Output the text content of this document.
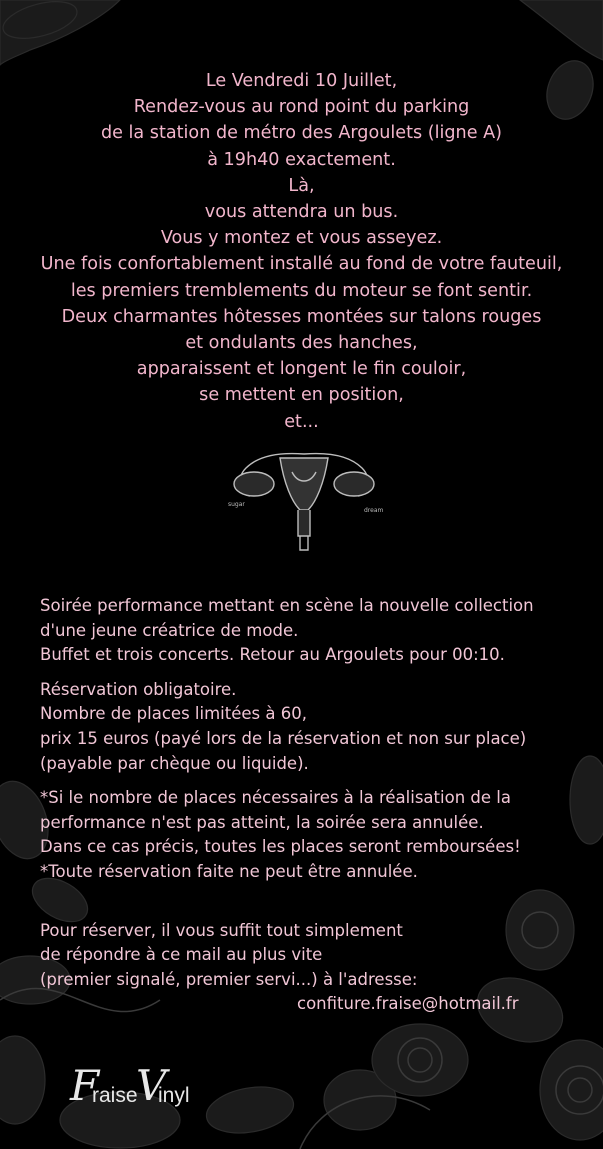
Le Vendredi 10 Juillet,
Rendez-vous au rond point du parking
de la station de métro des Argoulets (ligne A)
à 19h40 exactement.
Là,
vous attendra un bus.
Vous y montez et vous asseyez.
Une fois confortablement installé au fond de votre fauteuil,
les premiers tremblements du moteur se font sentir.
Deux charmantes hôtesses montées sur talons rouges
et ondulants des hanches,
apparaissent et longent le fin couloir,
se mettent en position,
et...
sugar
dream
Soirée performance mettant en scène la nouvelle collection
d'une jeune créatrice de mode.
Buffet et trois concerts. Retour au Argoulets pour 00:10.
Réservation obligatoire.
Nombre de places limitées à 60,
prix 15 euros (payé lors de la réservation et non sur place)
(payable par chèque ou liquide).
*Si le nombre de places nécessaires à la réalisation de la
performance n'est pas atteint, la soirée sera annulée.
Dans ce cas précis, toutes les places seront remboursées!
*Toute réservation faite ne peut être annulée.
Pour réserver, il vous suffit tout simplement
de répondre à ce mail au plus vite
(premier signalé, premier servi...) à l'adresse:
confiture.fraise@hotmail.fr
F
raise
V
inyl
